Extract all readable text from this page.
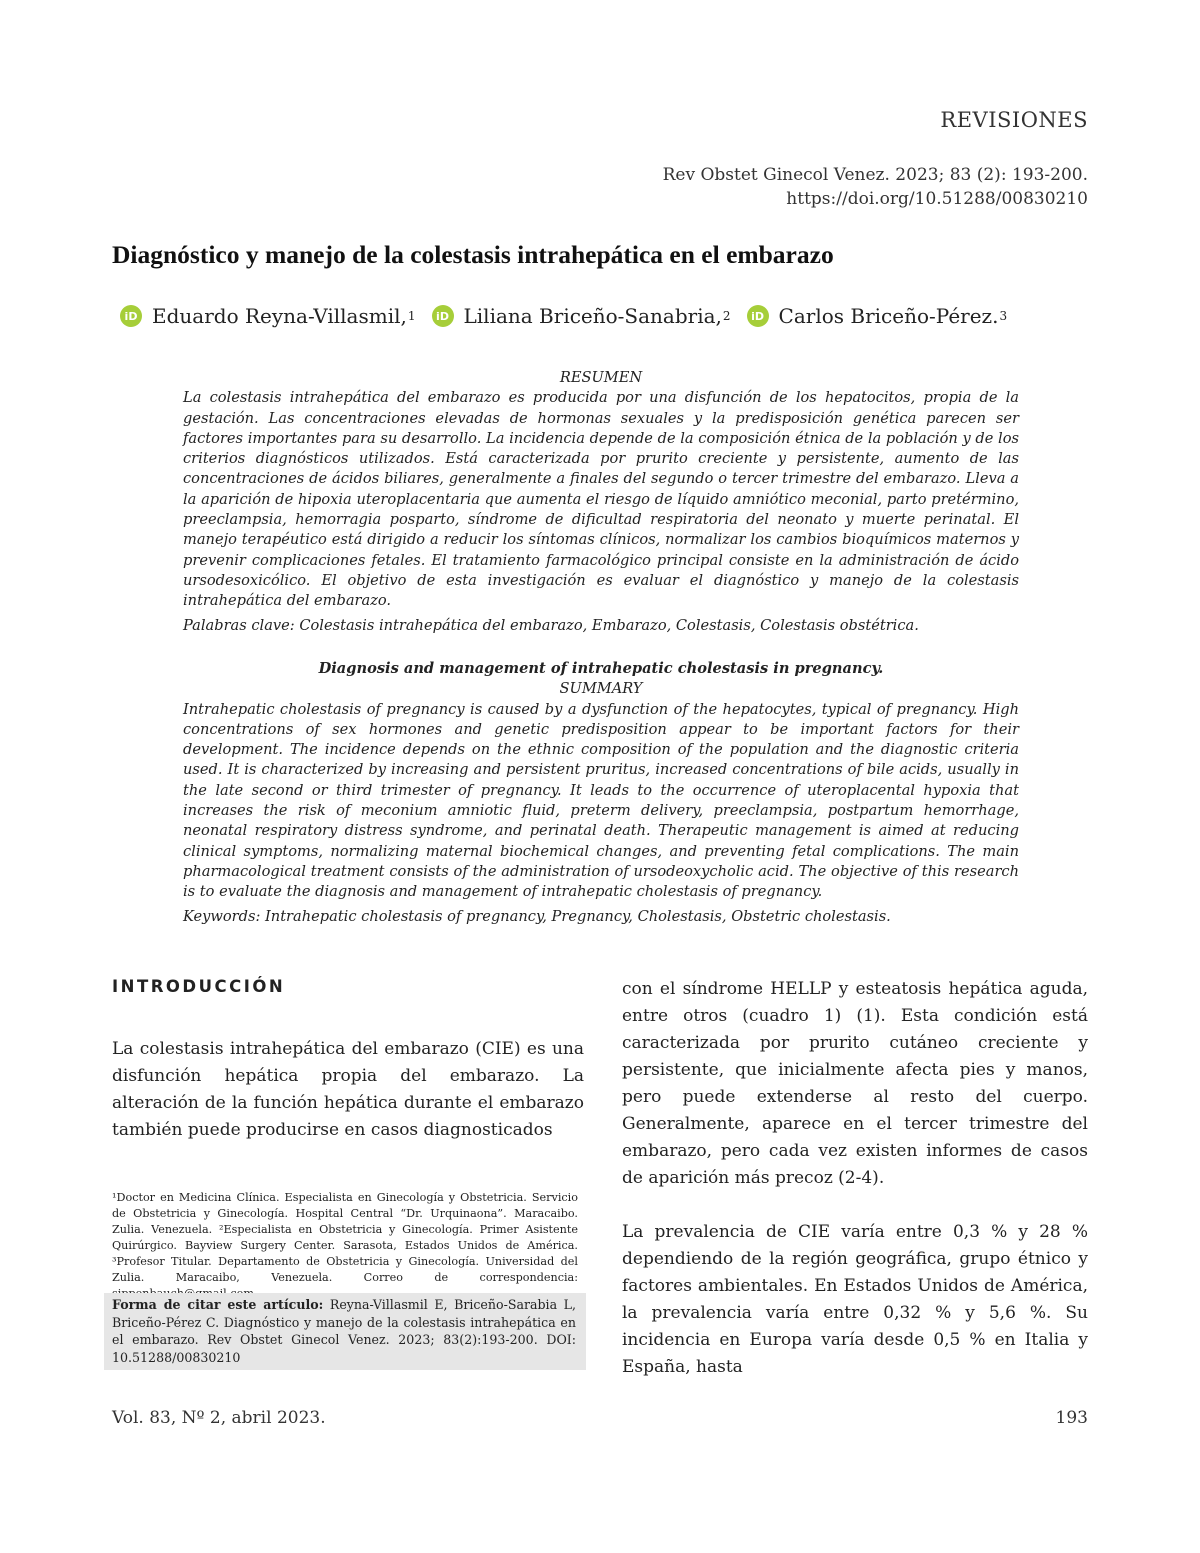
REVISIONES
Rev Obstet Ginecol Venez. 2023; 83 (2): 193-200.
https://doi.org/10.51288/00830210
Diagnóstico y manejo de la colestasis intrahepática en el embarazo
iD Eduardo Reyna-Villasmil, 1	iD Liliana Briceño-Sanabria, 2	iD Carlos Briceño-Pérez. 3
RESUMEN

La colestasis intrahepática del embarazo es producida por una disfunción de los hepatocitos, propia de la gestación. Las concentraciones elevadas de hormonas sexuales y la predisposición genética parecen ser factores importantes para su desarrollo. La incidencia depende de la composición étnica de la población y de los criterios diagnósticos utilizados. Está caracterizada por prurito creciente y persistente, aumento de las concentraciones de ácidos biliares, generalmente a finales del segundo o tercer trimestre del embarazo. Lleva a la aparición de hipoxia uteroplacentaria que aumenta el riesgo de líquido amniótico meconial, parto pretérmino, preeclampsia, hemorragia posparto, síndrome de dificultad respiratoria del neonato y muerte perinatal. El manejo terapéutico está dirigido a reducir los síntomas clínicos, normalizar los cambios bioquímicos maternos y prevenir complicaciones fetales. El tratamiento farmacológico principal consiste en la administración de ácido ursodesoxicólico. El objetivo de esta investigación es evaluar el diagnóstico y manejo de la colestasis intrahepática del embarazo.

Palabras clave: Colestasis intrahepática del embarazo, Embarazo, Colestasis, Colestasis obstétrica.

Diagnosis and management of intrahepatic cholestasis in pregnancy.
SUMMARY

Intrahepatic cholestasis of pregnancy is caused by a dysfunction of the hepatocytes, typical of pregnancy. High concentrations of sex hormones and genetic predisposition appear to be important factors for their development. The incidence depends on the ethnic composition of the population and the diagnostic criteria used. It is characterized by increasing and persistent pruritus, increased concentrations of bile acids, usually in the late second or third trimester of pregnancy. It leads to the occurrence of uteroplacental hypoxia that increases the risk of meconium amniotic fluid, preterm delivery, preeclampsia, postpartum hemorrhage, neonatal respiratory distress syndrome, and perinatal death. Therapeutic management is aimed at reducing clinical symptoms, normalizing maternal biochemical changes, and preventing fetal complications. The main pharmacological treatment consists of the administration of ursodeoxycholic acid. The objective of this research is to evaluate the diagnosis and management of intrahepatic cholestasis of pregnancy.

Keywords: Intrahepatic cholestasis of pregnancy, Pregnancy, Cholestasis, Obstetric cholestasis.

INTRODUCCIÓN

La colestasis intrahepática del embarazo (CIE) es una disfunción hepática propia del embarazo. La alteración de la función hepática durante el embarazo también puede producirse en casos diagnosticados

¹Doctor en Medicina Clínica. Especialista en Ginecología y Obstetricia. Servicio de Obstetricia y Ginecología. Hospital Central “Dr. Urquinaona”. Maracaibo. Zulia. Venezuela. ²Especialista en Obstetricia y Ginecología. Primer Asistente Quirúrgico. Bayview Surgery Center. Sarasota, Estados Unidos de América. ³Profesor Titular. Departamento de Obstetricia y Ginecología. Universidad del Zulia. Maracaibo, Venezuela. Correo de correspondencia:
Forma de citar este artículo: Reyna-Villasmil E, Briceño-Sarabia L, Briceño-Pérez C. Diagnóstico y manejo de la colestasis intrahepática en el embarazo. Rev Obstet Ginecol Venez. 2023; 83(2):193-200. DOI: 10.51288/00830210

con el síndrome HELLP y esteatosis hepática aguda, entre otros (cuadro 1) (1). Esta condición está caracterizada por prurito cutáneo creciente y persistente, que inicialmente afecta pies y manos, pero puede extenderse al resto del cuerpo. Generalmente, aparece en el tercer trimestre del embarazo, pero cada vez existen informes de casos de aparición más precoz (2-4).

La prevalencia de CIE varía entre 0,3 % y 28 % dependiendo de la región geográfica, grupo étnico y factores ambientales. En Estados Unidos de América, la prevalencia varía entre 0,32 % y 5,6 %. Su incidencia en Europa varía desde 0,5 % en Italia y España, hasta

Vol. 83, Nº 2, abril 2023.	193
